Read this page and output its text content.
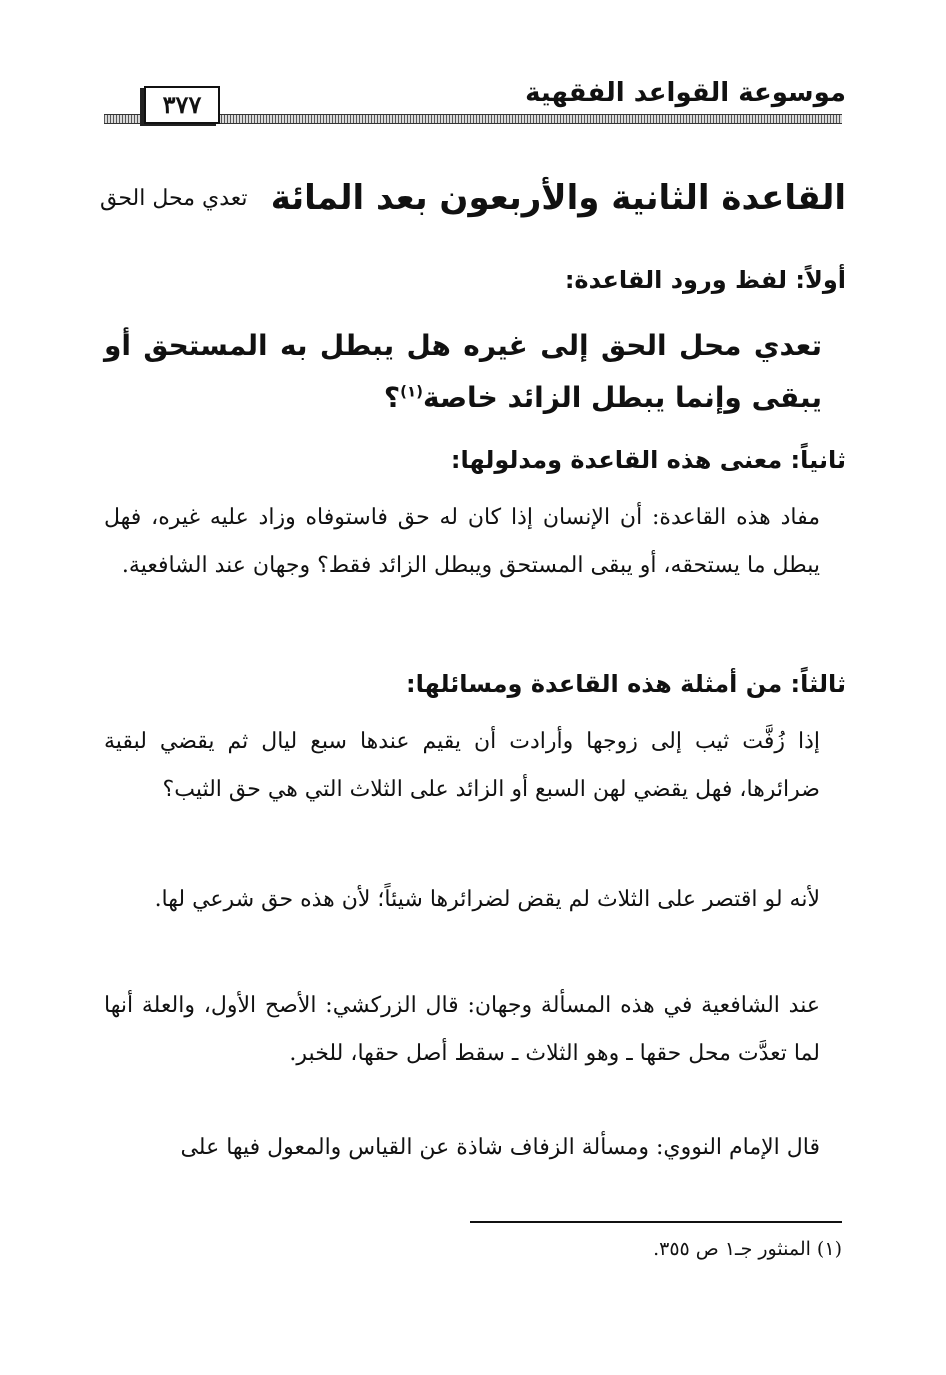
موسوعة القواعد الفقهية
٣٧٧
القاعدة الثانية والأربعون بعد المائة
تعدي محل الحق
أولاً: لفظ ورود القاعدة:
تعدي محل الحق إلى غيره هل يبطل به المستحق أو يبقى وإنما يبطل الزائد خاصة$^{(١)}$؟
ثانياً: معنى هذه القاعدة ومدلولها:
مفاد هذه القاعدة: أن الإنسان إذا كان له حق فاستوفاه وزاد عليه غيره، فهل يبطل ما يستحقه، أو يبقى المستحق ويبطل الزائد فقط؟ وجهان عند الشافعية.
ثالثاً: من أمثلة هذه القاعدة ومسائلها:
إذا زُفَّت ثيب إلى زوجها وأرادت أن يقيم عندها سبع ليال ثم يقضي لبقية ضرائرها، فهل يقضي لهن السبع أو الزائد على الثلاث التي هي حق الثيب؟
لأنه لو اقتصر على الثلاث لم يقض لضرائرها شيئاً؛ لأن هذه حق شرعي لها.
عند الشافعية في هذه المسألة وجهان: قال الزركشي: الأصح الأول، والعلة أنها لما تعدَّت محل حقها ـ وهو الثلاث ـ سقط أصل حقها، للخبر.
قال الإمام النووي: ومسألة الزفاف شاذة عن القياس والمعول فيها على
(١) المنثور جـ١ ص ٣٥٥.
